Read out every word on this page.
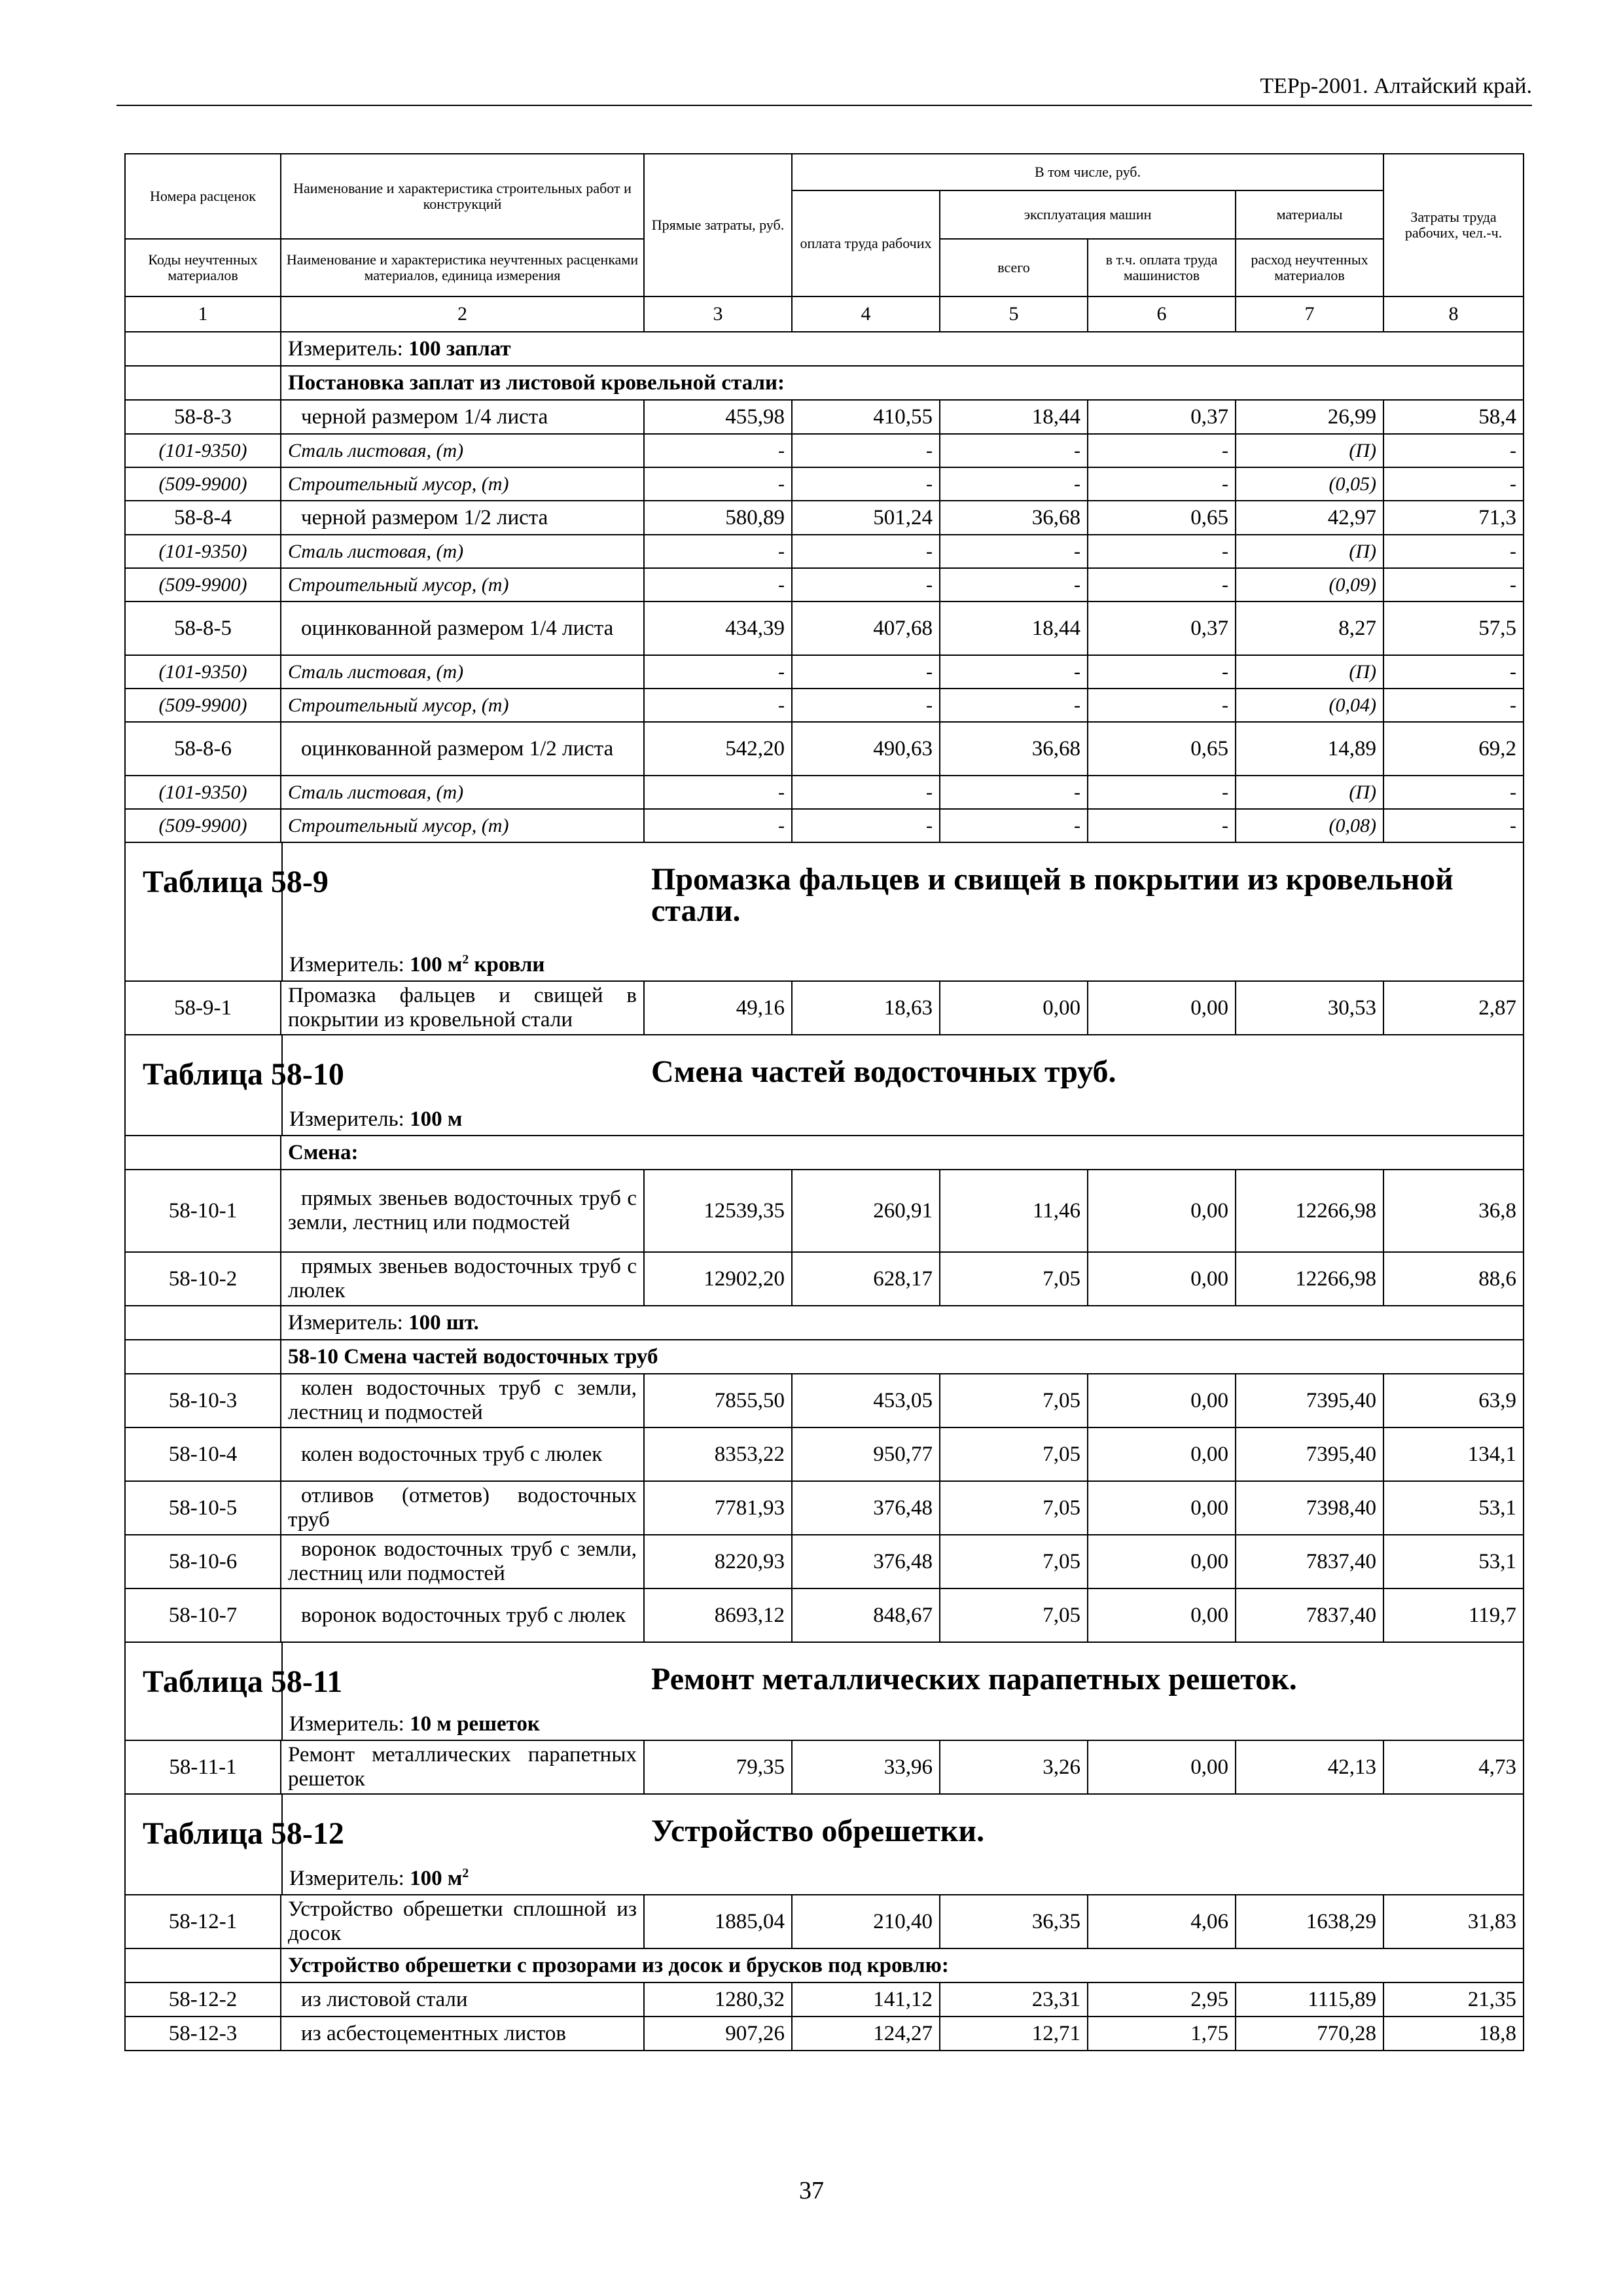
ТЕРр-2001. Алтайский край.
Номера расценок	Наименование и характеристика строительных работ и конструкций	Прямые затраты, руб.	В том числе, руб.				Затраты труда рабочих, чел.-ч.
			оплата труда рабочих	эксплуатация машин		материалы	
Коды неучтенных материалов	Наименование и характеристика неучтенных расценками материалов, единица измерения			всего	в т.ч. оплата труда машинистов	расход неучтенных материалов	
1	2	3	4	5	6	7	8
	Измеритель: 100 заплат						
	Постановка заплат из листовой кровельной стали:						
58-8-3	черной размером 1/4 листа	455,98	410,55	18,44	0,37	26,99	58,4
(101-9350)	Сталь листовая, (т)	-	-	-	-	(П)	-
(509-9900)	Строительный мусор, (т)	-	-	-	-	(0,05)	-
58-8-4	черной размером 1/2 листа	580,89	501,24	36,68	0,65	42,97	71,3
(101-9350)	Сталь листовая, (т)	-	-	-	-	(П)	-
(509-9900)	Строительный мусор, (т)	-	-	-	-	(0,09)	-
58-8-5	оцинкованной размером 1/4 листа	434,39	407,68	18,44	0,37	8,27	57,5
(101-9350)	Сталь листовая, (т)	-	-	-	-	(П)	-
(509-9900)	Строительный мусор, (т)	-	-	-	-	(0,04)	-
58-8-6	оцинкованной размером 1/2 листа	542,20	490,63	36,68	0,65	14,89	69,2
(101-9350)	Сталь листовая, (т)	-	-	-	-	(П)	-
(509-9900)	Строительный мусор, (т)	-	-	-	-	(0,08)	-

Таблица 58-9 Промазка фальцев и свищей в покрытии из кровельной стали.
Измеритель: 100 $м^2$ кровли							

58-9-1	Промазка фальцев и свищей в покрытии из кровельной стали	49,16	18,63	0,00	0,00	30,53	2,87

Таблица 58-10 Смена частей водосточных труб.
Измеритель: 100 м							

	Смена:						
58-10-1	прямых звеньев водосточных труб с земли, лестниц или подмостей	12539,35	260,91	11,46	0,00	12266,98	36,8
58-10-2	прямых звеньев водосточных труб с люлек	12902,20	628,17	7,05	0,00	12266,98	88,6
	Измеритель: 100 шт.						
	58-10 Смена частей водосточных труб						
58-10-3	колен водосточных труб с земли, лестниц и подмостей	7855,50	453,05	7,05	0,00	7395,40	63,9
58-10-4	колен водосточных труб с люлек	8353,22	950,77	7,05	0,00	7395,40	134,1
58-10-5	отливов (отметов) водосточных труб	7781,93	376,48	7,05	0,00	7398,40	53,1
58-10-6	воронок водосточных труб с земли, лестниц или подмостей	8220,93	376,48	7,05	0,00	7837,40	53,1
58-10-7	воронок водосточных труб с люлек	8693,12	848,67	7,05	0,00	7837,40	119,7

Таблица 58-11 Ремонт металлических парапетных решеток.
Измеритель: 10 м решеток							

58-11-1	Ремонт металлических парапетных решеток	79,35	33,96	3,26	0,00	42,13	4,73

Таблица 58-12 Устройство обрешетки.
Измеритель: 100 $м^2$

58-12-1	Устройство обрешетки сплошной из досок	1885,04	210,40	36,35	4,06	1638,29	31,83
	Устройство обрешетки с прозорами из досок и брусков под кровлю:						
58-12-2	из листовой стали	1280,32	141,12	23,31	2,95	1115,89	21,35
58-12-3	из асбестоцементных листов	907,26	124,27	12,71	1,75	770,28	18,8
37
